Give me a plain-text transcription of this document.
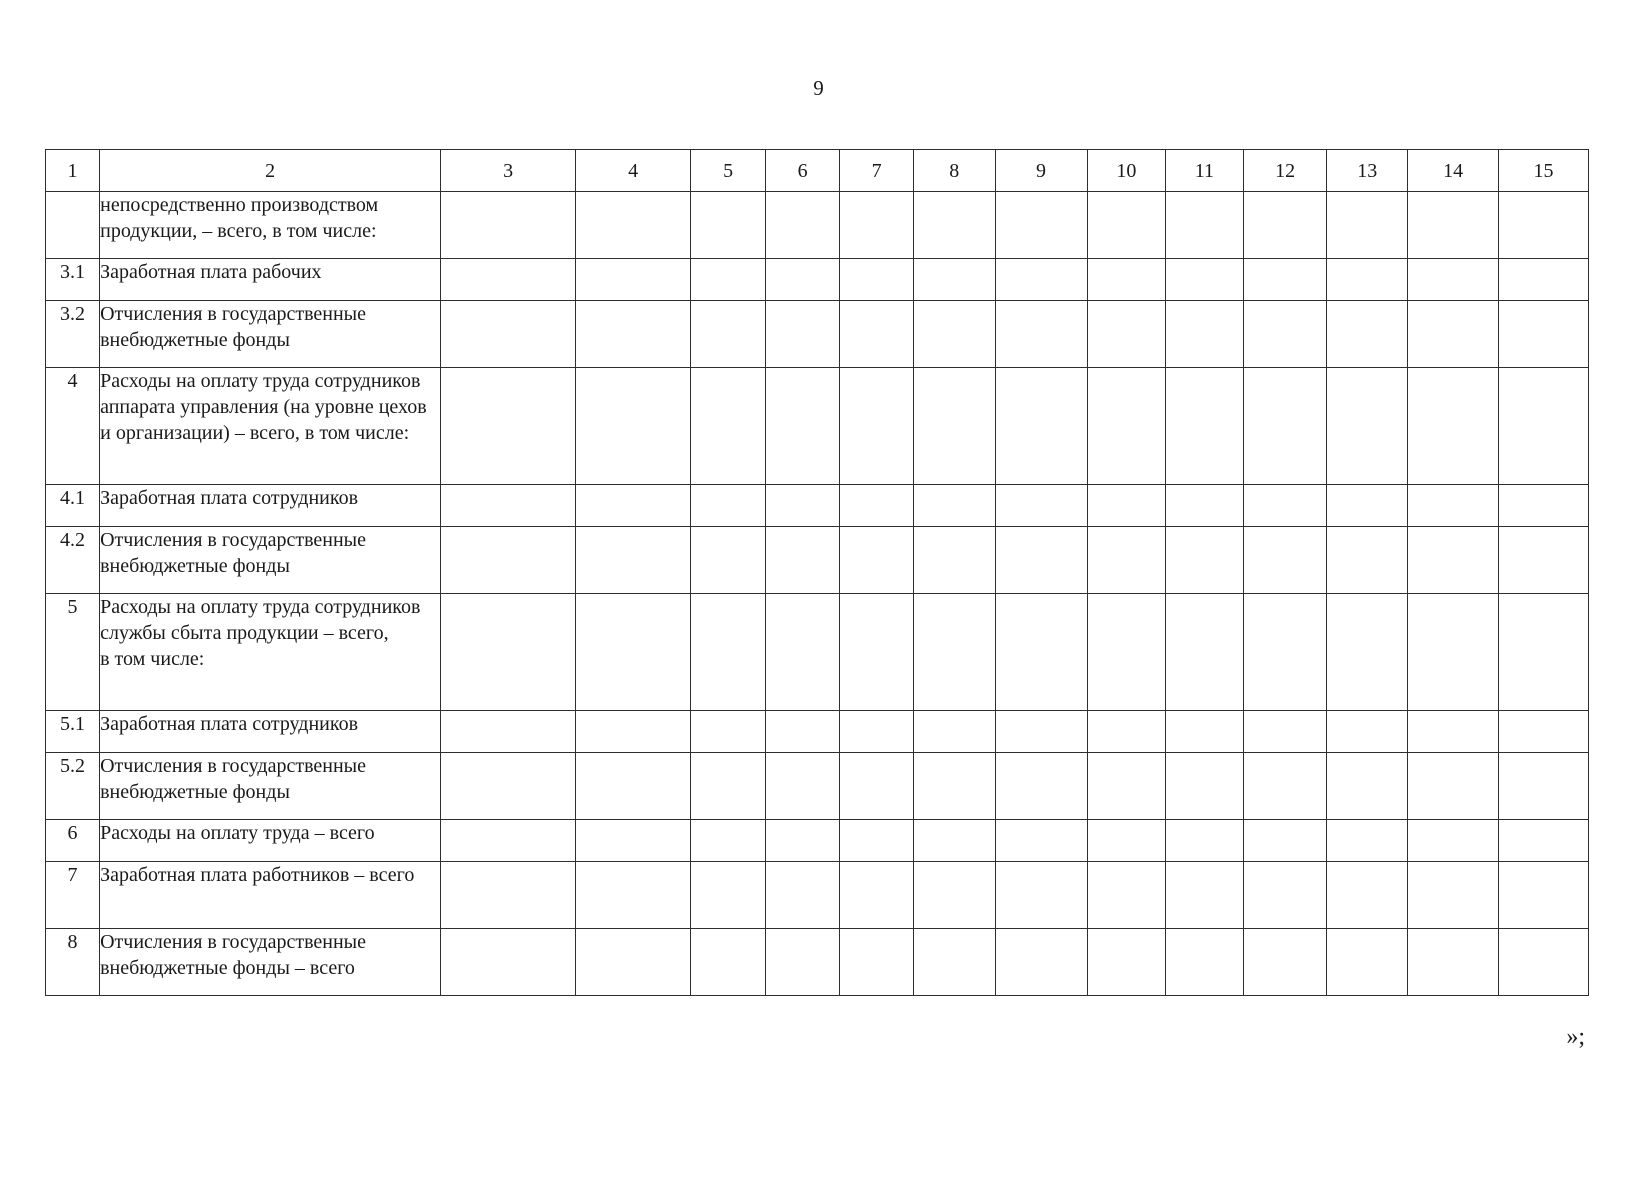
9
1	2	3	4	5	6	7	8	9	10	11	12	13	14	15
	непосредственно производством продукции, – всего, в том числе:													
3.1	Заработная плата рабочих													
3.2	Отчисления в государственные внебюджетные фонды													
4	Расходы на оплату труда сотрудников аппарата управления (на уровне цехов и организации) – всего, в том числе:													
4.1	Заработная плата сотрудников													
4.2	Отчисления в государственные внебюджетные фонды													
5	Расходы на оплату труда сотрудников службы сбыта продукции – всего,
в том числе:													
5.1	Заработная плата сотрудников													
5.2	Отчисления в государственные внебюджетные фонды													
6	Расходы на оплату труда – всего													
7	Заработная плата работников – всего													
8	Отчисления в государственные внебюджетные фонды – всего													
»;
